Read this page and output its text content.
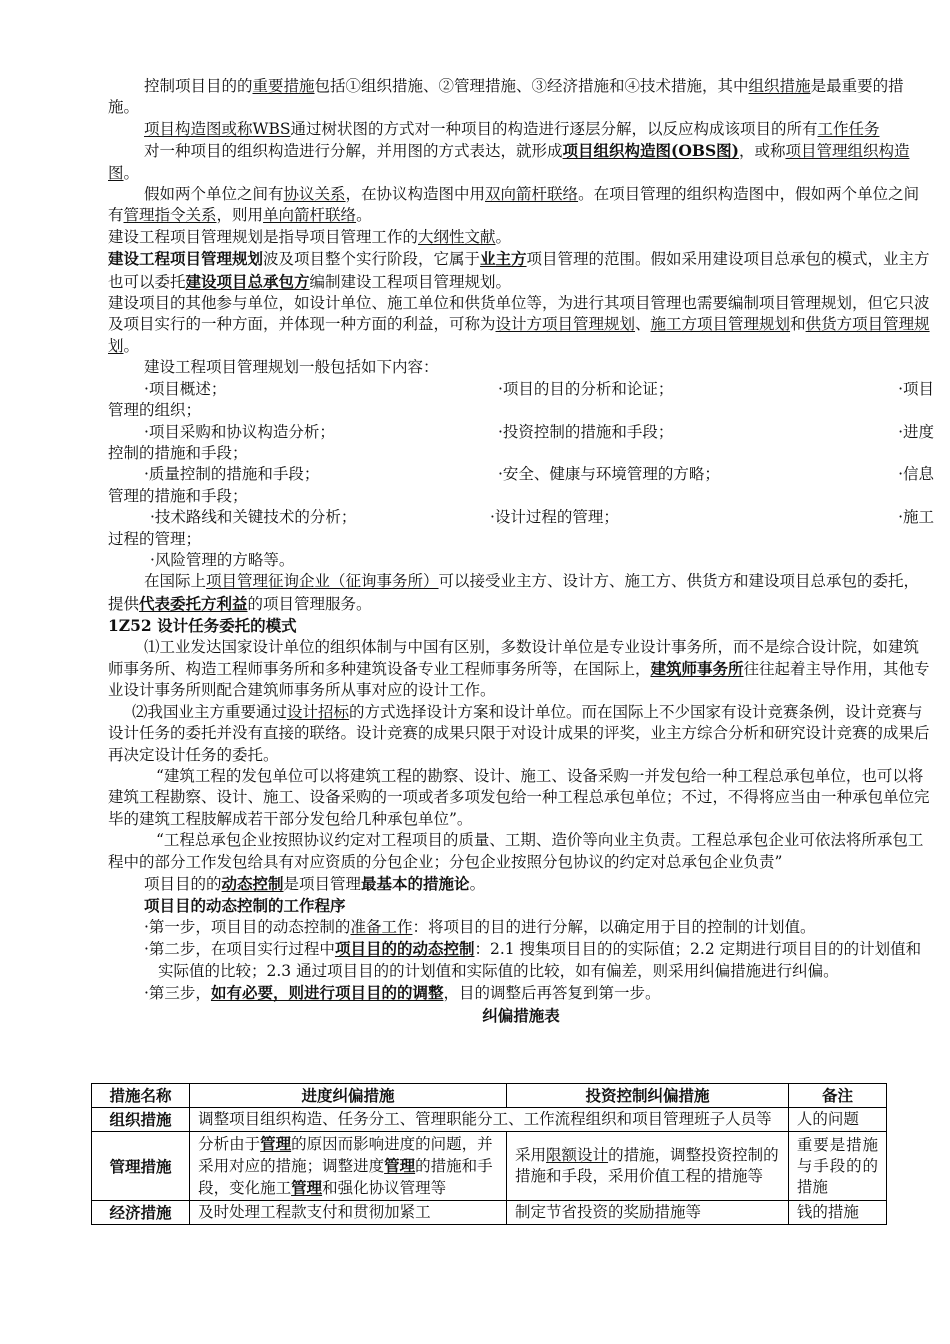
控制项目目的的重要措施包括①组织措施、②管理措施、③经济措施和④技术措施，其中组织措施是最重要的措施。

项目构造图或称WBS通过树状图的方式对一种项目的构造进行逐层分解，以反应构成该项目的所有工作任务

对一种项目的组织构造进行分解，并用图的方式表达，就形成项目组织构造图(OBS图)，或称项目管理组织构造图。

假如两个单位之间有协议关系，在协议构造图中用双向箭杆联络。在项目管理的组织构造图中，假如两个单位之间有管理指令关系，则用单向箭杆联络。

建设工程项目管理规划是指导项目管理工作的大纲性文献。

建设工程项目管理规划波及项目整个实行阶段，它属于业主方项目管理的范围。假如采用建设项目总承包的模式，业主方也可以委托建设项目总承包方编制建设工程项目管理规划。

建设项目的其他参与单位，如设计单位、施工单位和供货单位等，为进行其项目管理也需要编制项目管理规划，但它只波及项目实行的一种方面，并体现一种方面的利益，可称为设计方项目管理规划、施工方项目管理规划和供货方项目管理规划。

建设工程项目管理规划一般包括如下内容：

·项目概述；	·项目的目的分析和论证；	·项目

管理的组织；

·项目采购和协议构造分析；	·投资控制的措施和手段；	·进度

控制的措施和手段；

·质量控制的措施和手段；	·安全、健康与环境管理的方略；	·信息

管理的措施和手段；

·技术路线和关键技术的分析；	·设计过程的管理；	·施工

过程的管理；

·风险管理的方略等。

在国际上项目管理征询企业（征询事务所）可以接受业主方、设计方、施工方、供货方和建设项目总承包的委托，提供代表委托方利益的项目管理服务。

1Z52 设计任务委托的模式

⑴工业发达国家设计单位的组织体制与中国有区别，多数设计单位是专业设计事务所，而不是综合设计院，如建筑师事务所、构造工程师事务所和多种建筑设备专业工程师事务所等，在国际上，建筑师事务所往往起着主导作用，其他专业设计事务所则配合建筑师事务所从事对应的设计工作。

⑵我国业主方重要通过设计招标的方式选择设计方案和设计单位。而在国际上不少国家有设计竞赛条例，设计竞赛与设计任务的委托并没有直接的联络。设计竞赛的成果只限于对设计成果的评奖，业主方综合分析和研究设计竞赛的成果后再决定设计任务的委托。

“建筑工程的发包单位可以将建筑工程的勘察、设计、施工、设备采购一并发包给一种工程总承包单位，也可以将建筑工程勘察、设计、施工、设备采购的一项或者多项发包给一种工程总承包单位；不过，不得将应当由一种承包单位完毕的建筑工程肢解成若干部分发包给几种承包单位”。

“工程总承包企业按照协议约定对工程项目的质量、工期、造价等向业主负责。工程总承包企业可依法将所承包工程中的部分工作发包给具有对应资质的分包企业；分包企业按照分包协议的约定对总承包企业负责”

项目目的的动态控制是项目管理最基本的措施论。

项目目的动态控制的工作程序

·第一步，项目目的动态控制的准备工作：将项目的目的进行分解，以确定用于目的控制的计划值。

·第二步，在项目实行过程中项目目的的动态控制：2.1 搜集项目目的的实际值；2.2 定期进行项目目的的计划值和实际值的比较；2.3 通过项目目的的计划值和实际值的比较，如有偏差，则采用纠偏措施进行纠偏。

·第三步，如有必要，则进行项目目的的调整，目的调整后再答复到第一步。

纠偏措施表

措施名称	进度纠偏措施	投资控制纠偏措施	备注
组织措施	调整项目组织构造、任务分工、管理职能分工、工作流程组织和项目管理班子人员等		人的问题
管理措施	分析由于管理的原因而影响进度的问题，并采用对应的措施；调整进度管理的措施和手段，变化施工管理和强化协议管理等	采用限额设计的措施，调整投资控制的措施和手段，采用价值工程的措施等	重要是措施与手段的的措施
经济措施	及时处理工程款支付和贯彻加紧工	制定节省投资的奖励措施等	钱的措施
